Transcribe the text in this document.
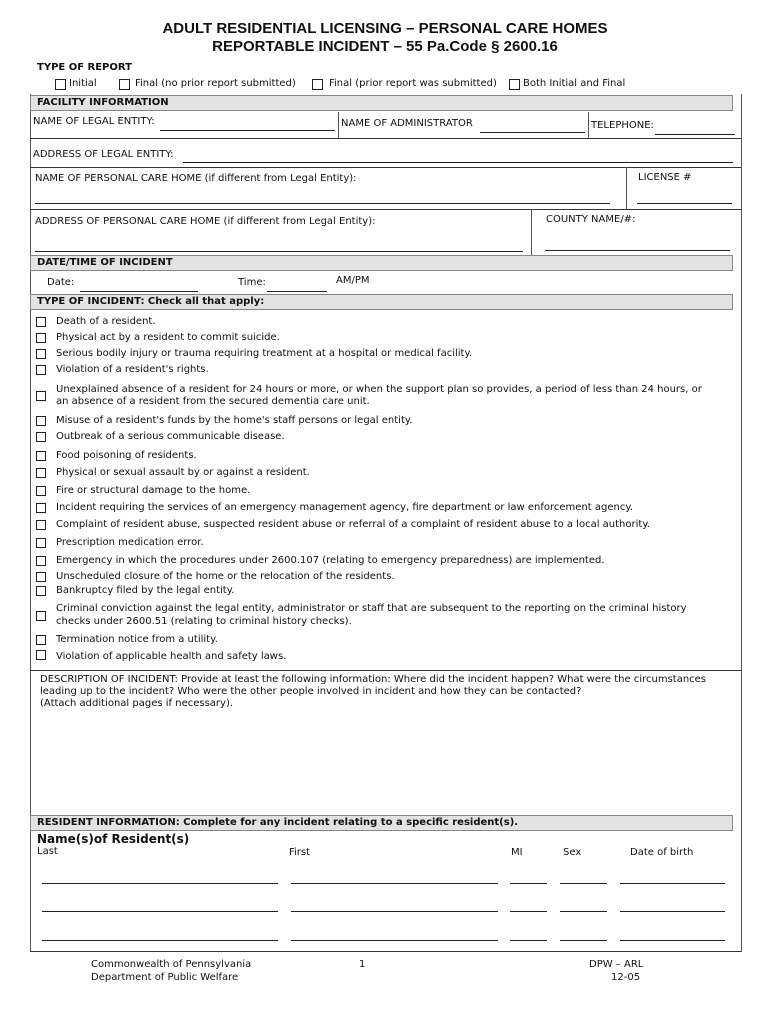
ADULT RESIDENTIAL LICENSING – PERSONAL CARE HOMES
REPORTABLE INCIDENT – 55 Pa.Code § 2600.16
TYPE OF REPORT
Initial	Final (no prior report submitted)	Final (prior report was submitted)	Both Initial and Final
FACILITY INFORMATION
NAME OF LEGAL ENTITY:	NAME OF ADMINISTRATOR	TELEPHONE:
ADDRESS OF LEGAL ENTITY:
NAME OF PERSONAL CARE HOME (if different from Legal Entity):	LICENSE #
ADDRESS OF PERSONAL CARE HOME (if different from Legal Entity):	COUNTY NAME/#:
DATE/TIME OF INCIDENT
Date:	Time:	AM/PM
TYPE OF INCIDENT: Check all that apply:
Death of a resident.
Physical act by a resident to commit suicide.
Serious bodily injury or trauma requiring treatment at a hospital or medical facility.
Violation of a resident's rights.
Unexplained absence of a resident for 24 hours or more, or when the support plan so provides, a period of less than 24 hours, or
an absence of a resident from the secured dementia care unit.
Misuse of a resident's funds by the home's staff persons or legal entity.
Outbreak of a serious communicable disease.
Food poisoning of residents.
Physical or sexual assault by or against a resident.
Fire or structural damage to the home.
Incident requiring the services of an emergency management agency, fire department or law enforcement agency.
Complaint of resident abuse, suspected resident abuse or referral of a complaint of resident abuse to a local authority.
Prescription medication error.
Emergency in which the procedures under 2600.107 (relating to emergency preparedness) are implemented.
Unscheduled closure of the home or the relocation of the residents.
Bankruptcy filed by the legal entity.
Criminal conviction against the legal entity, administrator or staff that are subsequent to the reporting on the criminal history
checks under 2600.51 (relating to criminal history checks).
Termination notice from a utility.
Violation of applicable health and safety laws.
DESCRIPTION OF INCIDENT: Provide at least the following information: Where did the incident happen? What were the circumstances
leading up to the incident? Who were the other people involved in incident and how they can be contacted?
(Attach additional pages if necessary).
RESIDENT INFORMATION: Complete for any incident relating to a specific resident(s).
Name(s)of Resident(s)
Last	First	MI	Sex	Date of birth
Commonwealth of Pennsylvania
Department of Public Welfare
1	DPW – ARL
12-05
